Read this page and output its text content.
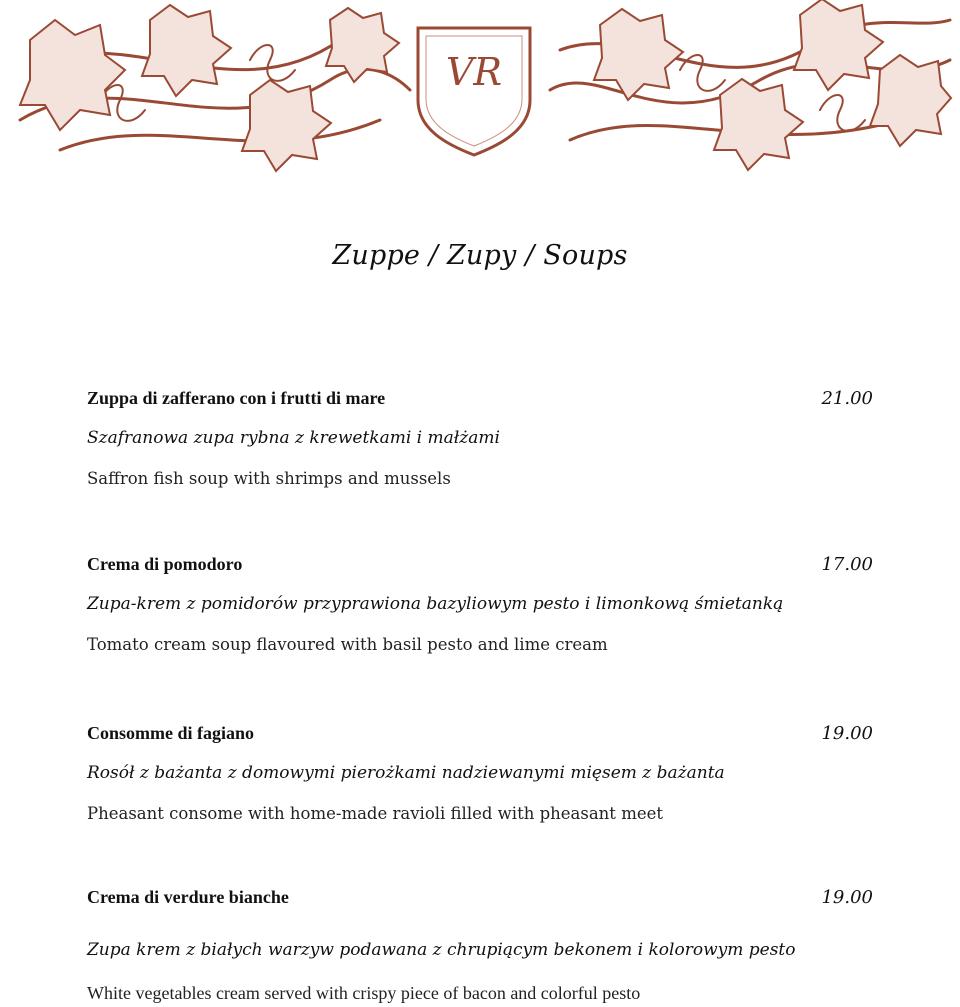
VR
Zuppe / Zupy / Soups
Zuppa di zafferano con i frutti di mare	21.00
Szafranowa zupa rybna z krewetkami i małżami
Saffron fish soup with shrimps and mussels
Crema di pomodoro	17.00
Zupa-krem z pomidorów przyprawiona bazyliowym pesto i limonkową śmietanką
Tomato cream soup flavoured with basil pesto and lime cream
Consomme di fagiano	19.00
Rosół z bażanta z domowymi pierożkami nadziewanymi mięsem z bażanta
Pheasant consome with home-made ravioli filled with pheasant meet
Crema di verdure bianche	19.00
Zupa krem z białych warzyw podawana z chrupiącym bekonem i kolorowym pesto
White vegetables cream served with crispy piece of bacon and colorful pesto
